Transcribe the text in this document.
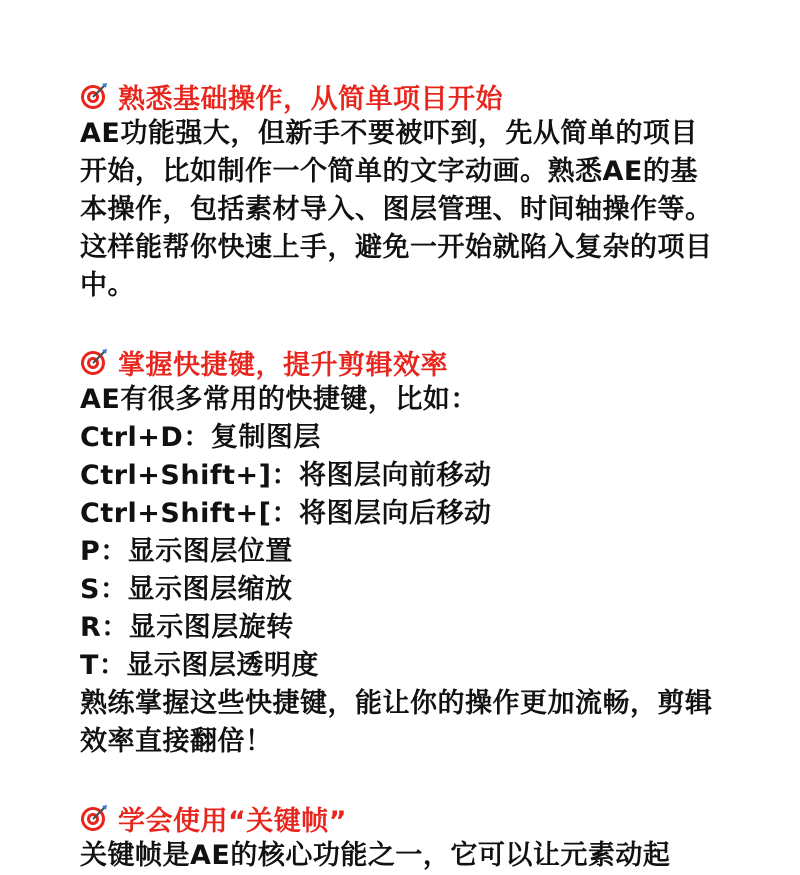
熟悉基础操作，从简单项目开始
AE功能强大，但新手不要被吓到，先从简单的项目
开始，比如制作一个简单的文字动画。熟悉AE的基
本操作，包括素材导入、图层管理、时间轴操作等。
这样能帮你快速上手，避免一开始就陷入复杂的项目
中。
掌握快捷键，提升剪辑效率
AE有很多常用的快捷键，比如：
Ctrl+D：复制图层
Ctrl+Shift+]：将图层向前移动
Ctrl+Shift+[：将图层向后移动
P：显示图层位置
S：显示图层缩放
R：显示图层旋转
T：显示图层透明度
熟练掌握这些快捷键，能让你的操作更加流畅，剪辑
效率直接翻倍！
学会使用“关键帧”
关键帧是AE的核心功能之一，它可以让元素动起
